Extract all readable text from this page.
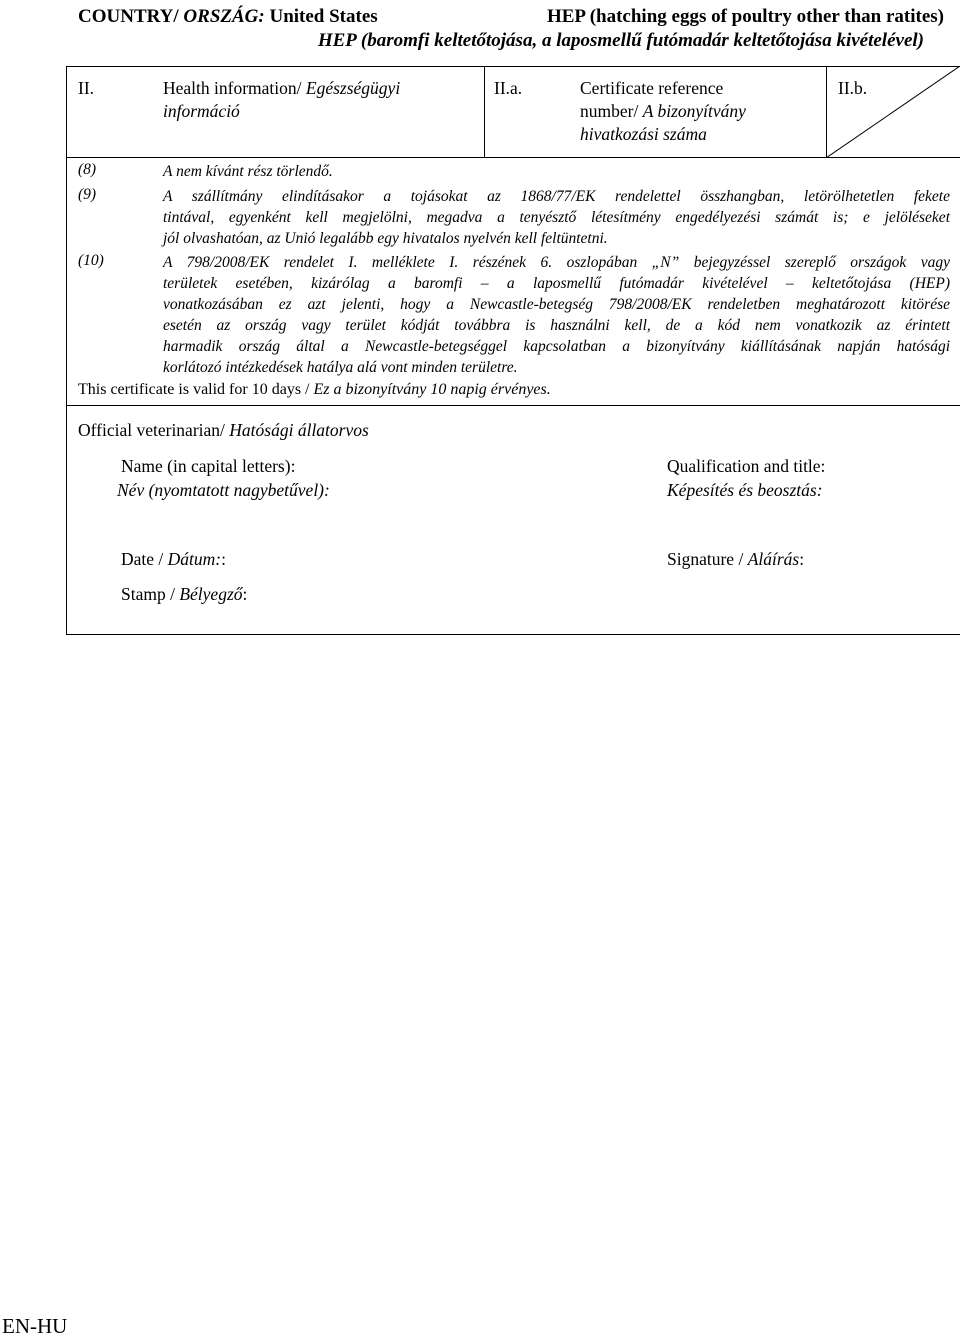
COUNTRY/ ORSZÁG: United States	HEP (hatching eggs of poultry other than ratites)
HEP (baromfi keltetőtojása, a laposmellű futómadár keltetőtojása kivételével)
II.	Health information/ Egészségügyi
információ
II.a.	Certificate reference
number/ A bizonyítvány
hivatkozási száma
II.b.
(8)	A nem kívánt rész törlendő.
(9)	A szállítmány elindításakor a tojásokat az 1868/77/EK rendelettel összhangban, letörölhetetlen fekete
tintával, egyenként kell megjelölni, megadva a tenyésztő létesítmény engedélyezési számát is; e jelöléseket
jól olvashatóan, az Unió legalább egy hivatalos nyelvén kell feltüntetni.
(10)	A 798/2008/EK rendelet I. melléklete I. részének 6. oszlopában „N” bejegyzéssel szereplő országok vagy
területek esetében, kizárólag a baromfi – a laposmellű futómadár kivételével – keltetőtojása (HEP)
vonatkozásában ez azt jelenti, hogy a Newcastle-betegség 798/2008/EK rendeletben meghatározott kitörése
esetén az ország vagy terület kódját továbbra is használni kell, de a kód nem vonatkozik az érintett
harmadik ország által a Newcastle-betegséggel kapcsolatban a bizonyítvány kiállításának napján hatósági
korlátozó intézkedések hatálya alá vont minden területre.
This certificate is valid for 10 days / Ez a bizonyítvány 10 napig érvényes.
Official veterinarian/ Hatósági állatorvos
Name (in capital letters):
Név (nyomtatott nagybetűvel):
Qualification and title:
Képesítés és beosztás:
Date / Dátum::	Signature / Aláírás:
Stamp / Bélyegző:
EN-HU
